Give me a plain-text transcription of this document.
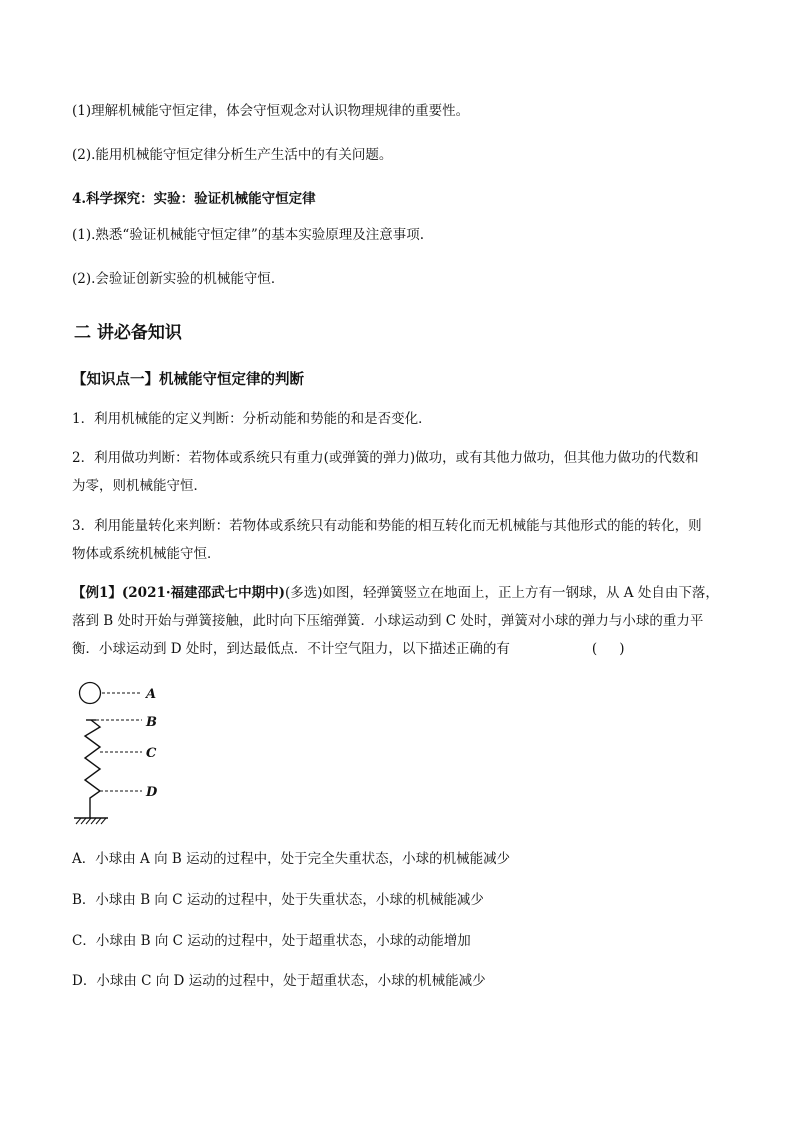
(1)理解机械能守恒定律，体会守恒观念对认识物理规律的重要性。
(2).能用机械能守恒定律分析生产生活中的有关问题。
4.科学探究：实验：验证机械能守恒定律
(1).熟悉“验证机械能守恒定律”的基本实验原理及注意事项.
(2).会验证创新实验的机械能守恒．
二 讲必备知识
【知识点一】机械能守恒定律的判断
1．利用机械能的定义判断：分析动能和势能的和是否变化．
2．利用做功判断：若物体或系统只有重力(或弹簧的弹力)做功，或有其他力做功，但其他力做功的代数和
为零，则机械能守恒．
3．利用能量转化来判断：若物体或系统只有动能和势能的相互转化而无机械能与其他形式的能的转化，则
物体或系统机械能守恒．
【例1】(2021·福建邵武七中期中)(多选)如图，轻弹簧竖立在地面上，正上方有一钢球，从 A 处自由下落，
落到 B 处时开始与弹簧接触，此时向下压缩弹簧．小球运动到 C 处时，弹簧对小球的弹力与小球的重力平
衡．小球运动到 D 处时，到达最低点．不计空气阻力，以下描述正确的有	( )
A
B
C
D
A．小球由 A 向 B 运动的过程中，处于完全失重状态，小球的机械能减少
B．小球由 B 向 C 运动的过程中，处于失重状态，小球的机械能减少
C．小球由 B 向 C 运动的过程中，处于超重状态，小球的动能增加
D．小球由 C 向 D 运动的过程中，处于超重状态，小球的机械能减少
